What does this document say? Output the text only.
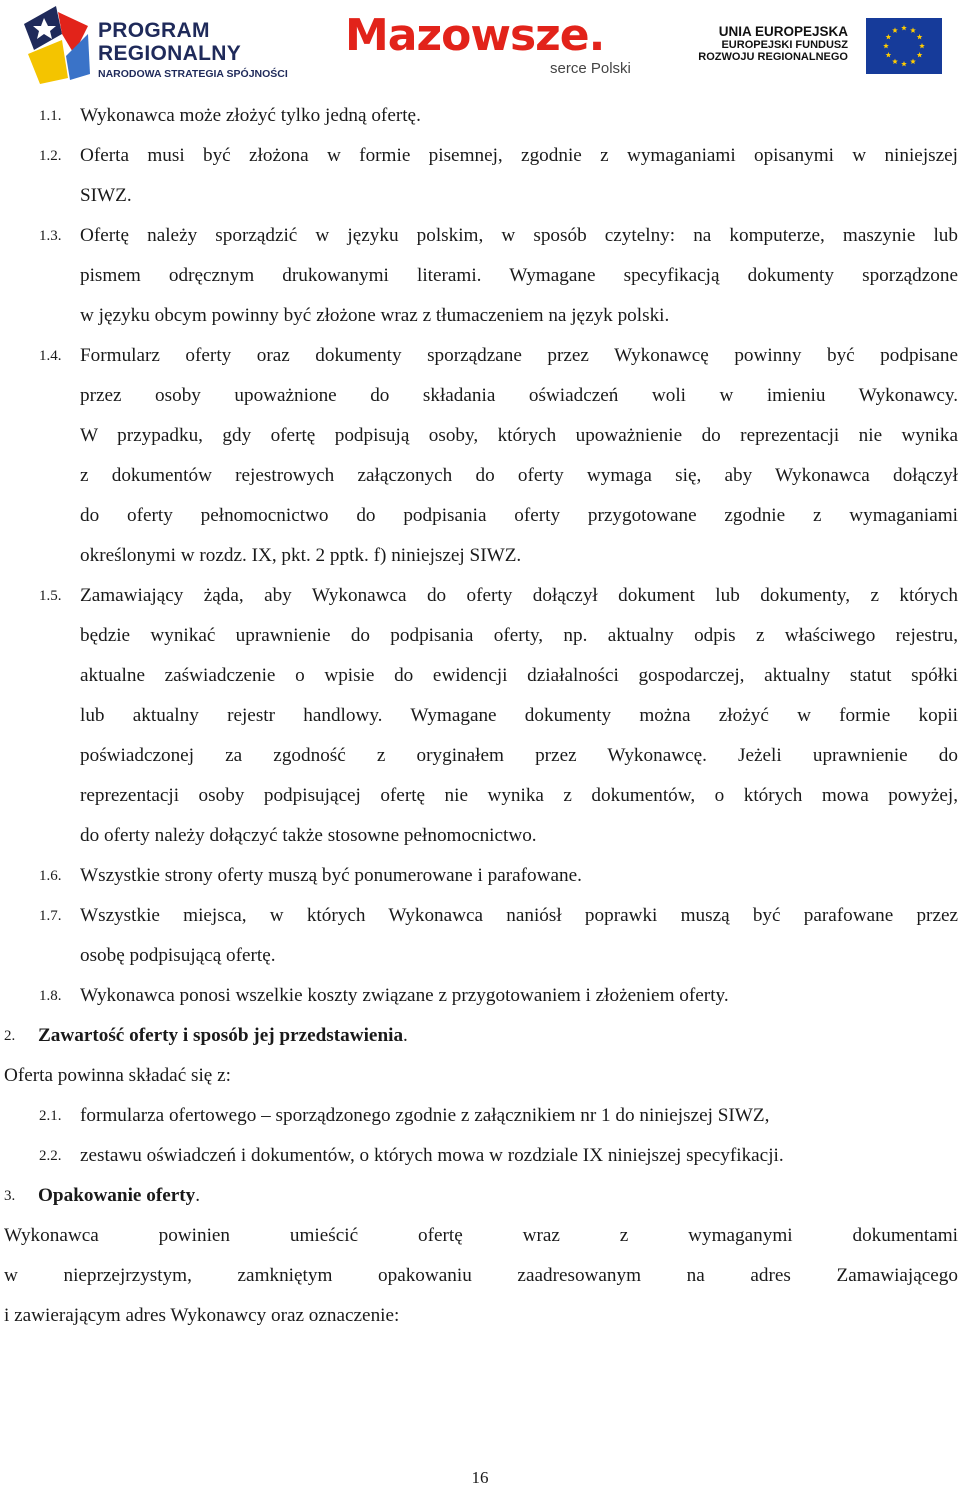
PROGRAM
REGIONALNY
NARODOWA STRATEGIA SPÓJNOŚCI
Mazowsze.
serce Polski
UNIA EUROPEJSKA
EUROPEJSKI FUNDUSZ
ROZWOJU REGIONALNEGO
1.1. Wykonawca może złożyć tylko jedną ofertę.
1.2. Oferta musi być złożona w formie pisemnej, zgodnie z wymaganiami opisanymi w niniejszej
SIWZ.
1.3. Ofertę należy sporządzić w języku polskim, w sposób czytelny: na komputerze, maszynie lub
pismem odręcznym drukowanymi literami. Wymagane specyfikacją dokumenty sporządzone
w języku obcym powinny być złożone wraz z tłumaczeniem na język polski.
1.4. Formularz oferty oraz dokumenty sporządzane przez Wykonawcę powinny być podpisane
przez osoby upoważnione do składania oświadczeń woli w imieniu Wykonawcy.
W przypadku, gdy ofertę podpisują osoby, których upoważnienie do reprezentacji nie wynika
z dokumentów rejestrowych załączonych do oferty wymaga się, aby Wykonawca dołączył
do oferty pełnomocnictwo do podpisania oferty przygotowane zgodnie z wymaganiami
określonymi w rozdz. IX, pkt. 2 pptk. f) niniejszej SIWZ.
1.5. Zamawiający żąda, aby Wykonawca do oferty dołączył dokument lub dokumenty, z których
będzie wynikać uprawnienie do podpisania oferty, np. aktualny odpis z właściwego rejestru,
aktualne zaświadczenie o wpisie do ewidencji działalności gospodarczej, aktualny statut spółki
lub aktualny rejestr handlowy. Wymagane dokumenty można złożyć w formie kopii
poświadczonej za zgodność z oryginałem przez Wykonawcę. Jeżeli uprawnienie do
reprezentacji osoby podpisującej ofertę nie wynika z dokumentów, o których mowa powyżej,
do oferty należy dołączyć także stosowne pełnomocnictwo.
1.6. Wszystkie strony oferty muszą być ponumerowane i parafowane.
1.7. Wszystkie miejsca, w których Wykonawca naniósł poprawki muszą być parafowane przez
osobę podpisującą ofertę.
1.8. Wykonawca ponosi wszelkie koszty związane z przygotowaniem i złożeniem oferty.
2. Zawartość oferty i sposób jej przedstawienia.
Oferta powinna składać się z:
2.1. formularza ofertowego – sporządzonego zgodnie z załącznikiem nr 1 do niniejszej SIWZ,
2.2. zestawu oświadczeń i dokumentów, o których mowa w rozdziale IX niniejszej specyfikacji.
3. Opakowanie oferty.
Wykonawca powinien umieścić ofertę wraz z wymaganymi dokumentami
w nieprzejrzystym, zamkniętym opakowaniu zaadresowanym na adres Zamawiającego
i zawierającym adres Wykonawcy oraz oznaczenie:
16
